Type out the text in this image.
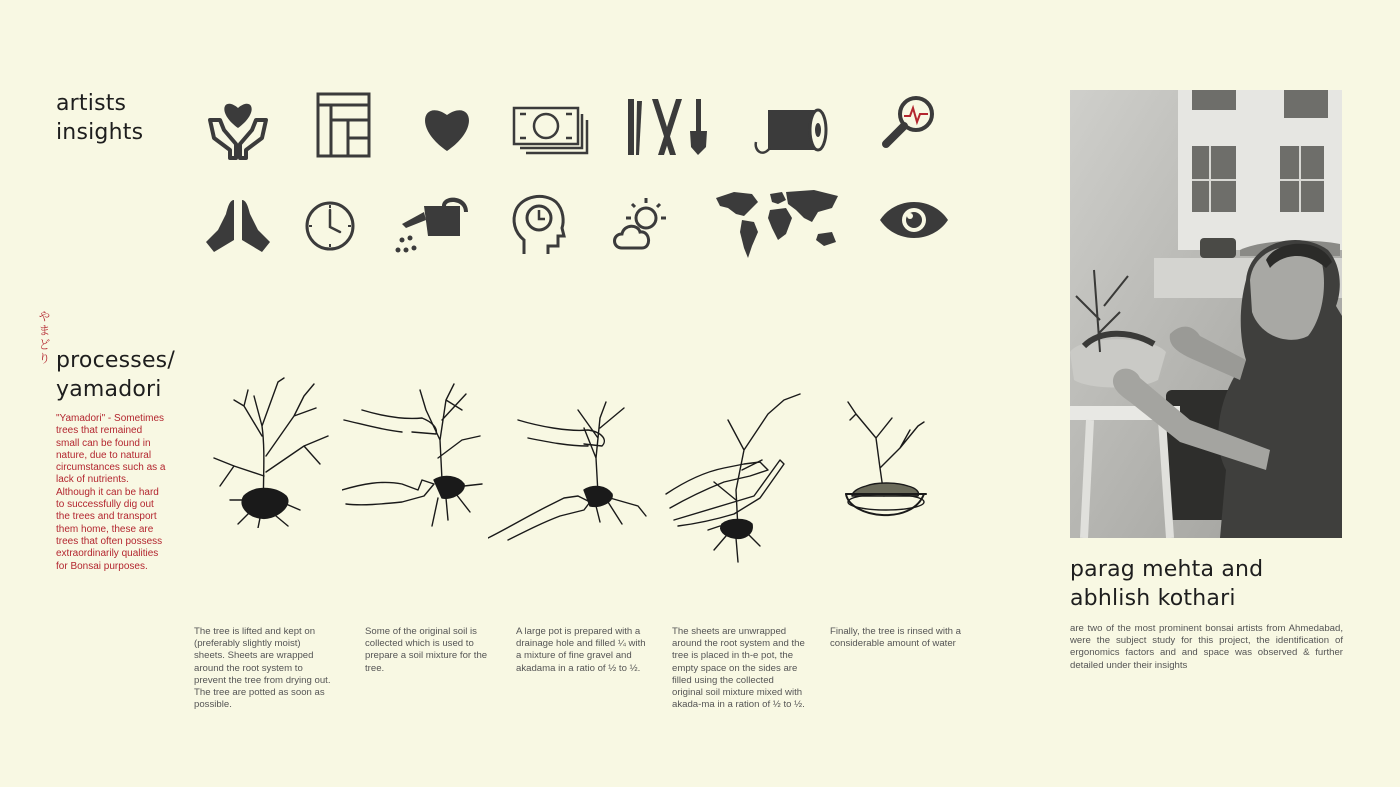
artists
insights
やまどり processes/
yamadori
"Yamadori" - Sometimes trees that remained small can be found in nature, due to natural circumstances such as a lack of nutrients. Although it can be hard to successfully dig out the trees and transport them home, these are trees that often possess extraordinarily qualities for Bonsai purposes.
The tree is lifted and kept on (preferably slightly moist) sheets. Sheets are wrapped around the root system to prevent the tree from drying out. The tree are potted as soon as possible.
Some of the original soil is collected which is used to prepare a soil mixture for the tree.
A large pot is prepared with a drainage hole and filled ¼ with a mixture of fine gravel and akadama in a ratio of ½ to ½.
The sheets are unwrapped around the root system and the tree is placed in th-e pot, the empty space on the sides are filled using the collected original soil mixture mixed with akada-ma in a ration of ½ to ½.
Finally, the tree is rinsed with a considerable amount of water
parag mehta and
abhlish kothari
are two of the most prominent bonsai artists from Ahmedabad, were the subject study for this project, the identification of ergonomics factors and and space was observed & further detailed under their insights
